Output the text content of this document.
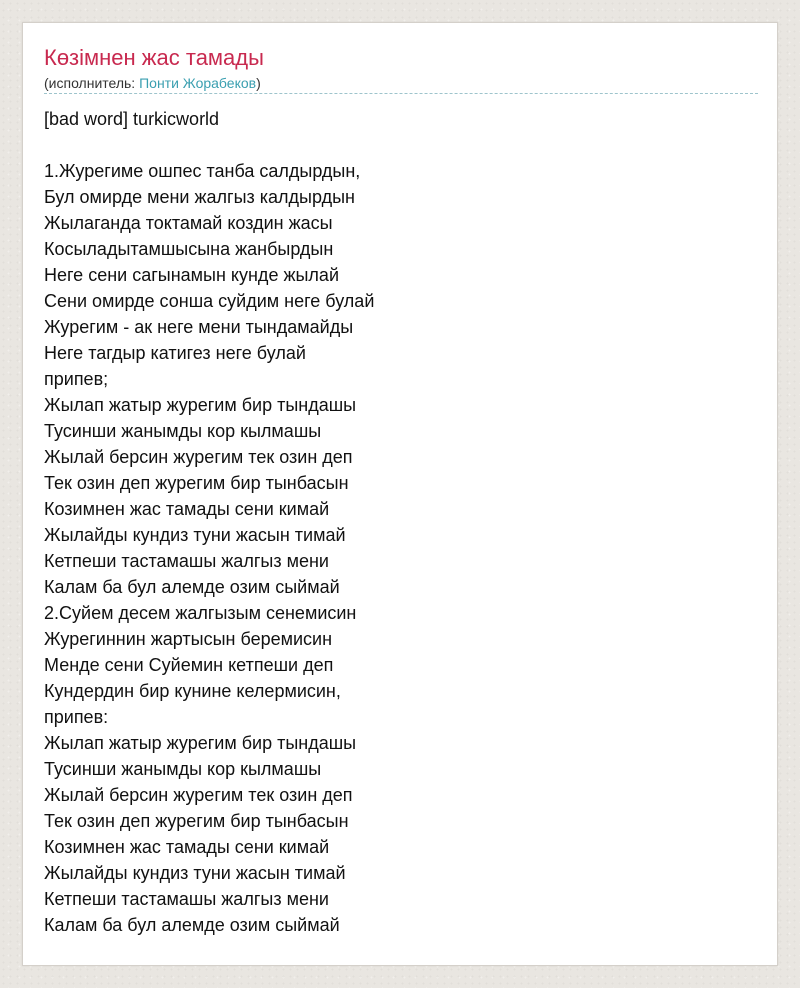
Көзімнен жас тамады
(исполнитель: Понти Жорабеков)
[bad word] turkicworld
1.Журегиме ошпес танба салдырдын,
Бул омирде мени жалгыз калдырдын
Жылаганда токтамай коздин жасы
Косыладытамшысына жанбырдын
Неге сени сагынамын кунде жылай
Сени омирде сонша суйдим неге булай
Журегим - ак неге мени тындамайды
Неге тагдыр катигез неге булай
припев;
Жылап жатыр журегим бир тындашы
Тусинши жанымды кор кылмашы
Жылай берсин журегим тек озин деп
Тек озин деп журегим бир тынбасын
Козимнен жас тамады сени кимай
Жылайды кундиз туни жасын тимай
Кетпеши тастамашы жалгыз мени
Калам ба бул алемде озим сыймай
2.Суйем десем жалгызым сенемисин
Журегиннин жартысын беремисин
Менде сени Суйемин кетпеши деп
Кундердин бир кунине келермисин,
припев:
Жылап жатыр журегим бир тындашы
Тусинши жанымды кор кылмашы
Жылай берсин журегим тек озин деп
Тек озин деп журегим бир тынбасын
Козимнен жас тамады сени кимай
Жылайды кундиз туни жасын тимай
Кетпеши тастамашы жалгыз мени
Калам ба бул алемде озим сыймай
